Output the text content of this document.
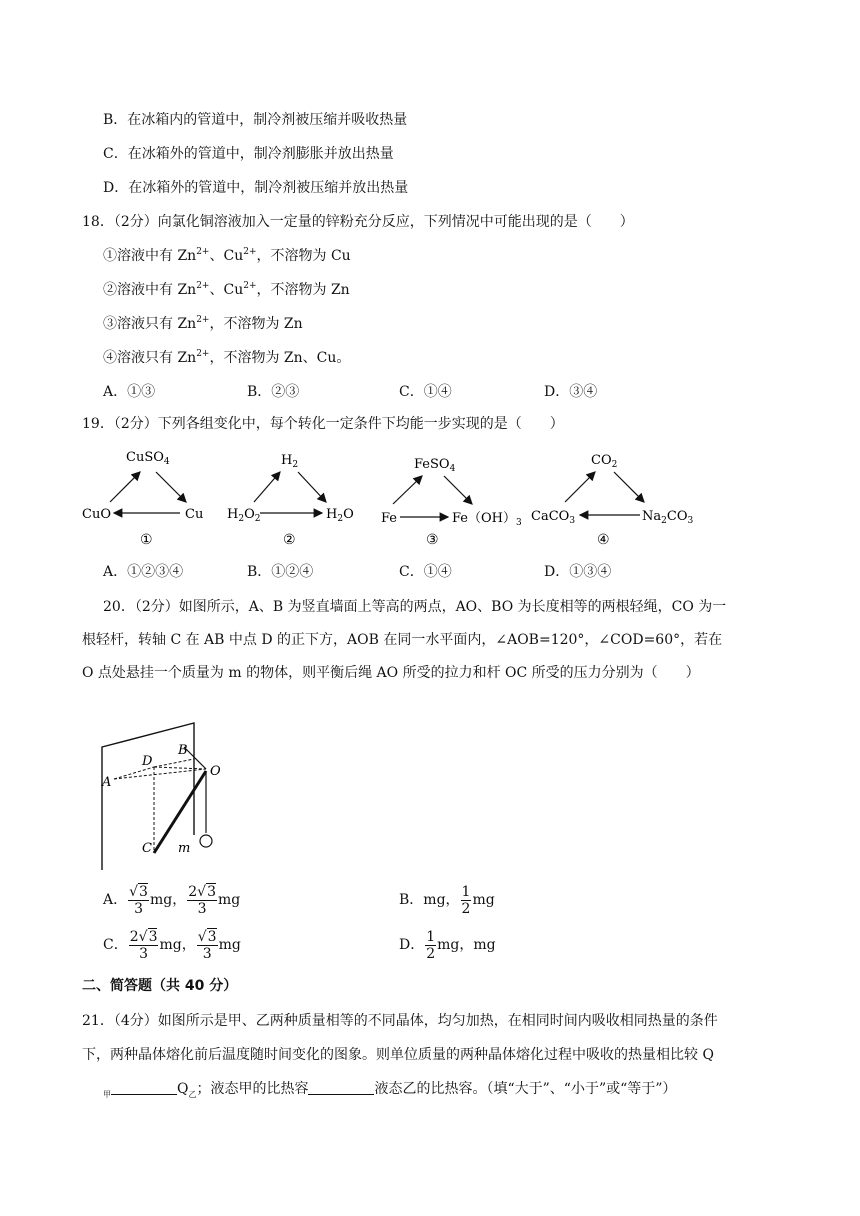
B．在冰箱内的管道中，制冷剂被压缩并吸收热量
C．在冰箱外的管道中，制冷剂膨胀并放出热量
D．在冰箱外的管道中，制冷剂被压缩并放出热量
18．（2分）向氯化铜溶液加入一定量的锌粉充分反应，下列情况中可能出现的是（　　）
①溶液中有 $Zn^{2+}$、$Cu^{2+}$，不溶物为 Cu
②溶液中有 $Zn^{2+}$、$Cu^{2+}$，不溶物为 Zn
③溶液只有 $Zn^{2+}$，不溶物为 Zn
④溶液只有 $Zn^{2+}$，不溶物为 Zn、Cu。
A．①③	B．②③	C．①④	D．③④
19．（2分）下列各组变化中，每个转化一定条件下均能一步实现的是（　　）
CuSO$_4$
CuO	Cu
①
$H_2$
$H_2O_2$	$H_2O$
②
FeSO$_4$
Fe	$Fe(OH)_3$
③
$CO_2$
CaCO$_3$	$Na_2CO_3$
④
A．①②③④	B．①②④	C．①④	D．①③④
20．（2分）如图所示，A、B 为竖直墙面上等高的两点，AO、BO 为长度相等的两根轻绳，CO 为一
根轻杆，转轴 C 在 AB 中点 D 的正下方，AOB 在同一水平面内，∠AOB=120°，∠COD=60°，若在
O 点处悬挂一个质量为 m 的物体，则平衡后绳 AO 所受的拉力和杆 OC 所受的压力分别为（　　）
A
D
B
O
C m
A． $\frac{√3}{3}$ mg， $\frac{2√3}{3}$ mg	B．mg， $\frac{1}{2}$ mg
C． $\frac{2√3}{3}$ mg， $\frac{√3}{3}$ mg	D． $\frac{1}{2}$ mg，mg
二、简答题（共 40 分）
21．（4分）如图所示是甲、乙两种质量相等的不同晶体，均匀加热，在相同时间内吸收相同热量的条件
下，两种晶体熔化前后温度随时间变化的图象。则单位质量的两种晶体熔化过程中吸收的热量相比较 Q
$_甲$	$Q_乙$；液态甲的比热容	液态乙的比热容。（填“大于”、“小于”或“等于”）
